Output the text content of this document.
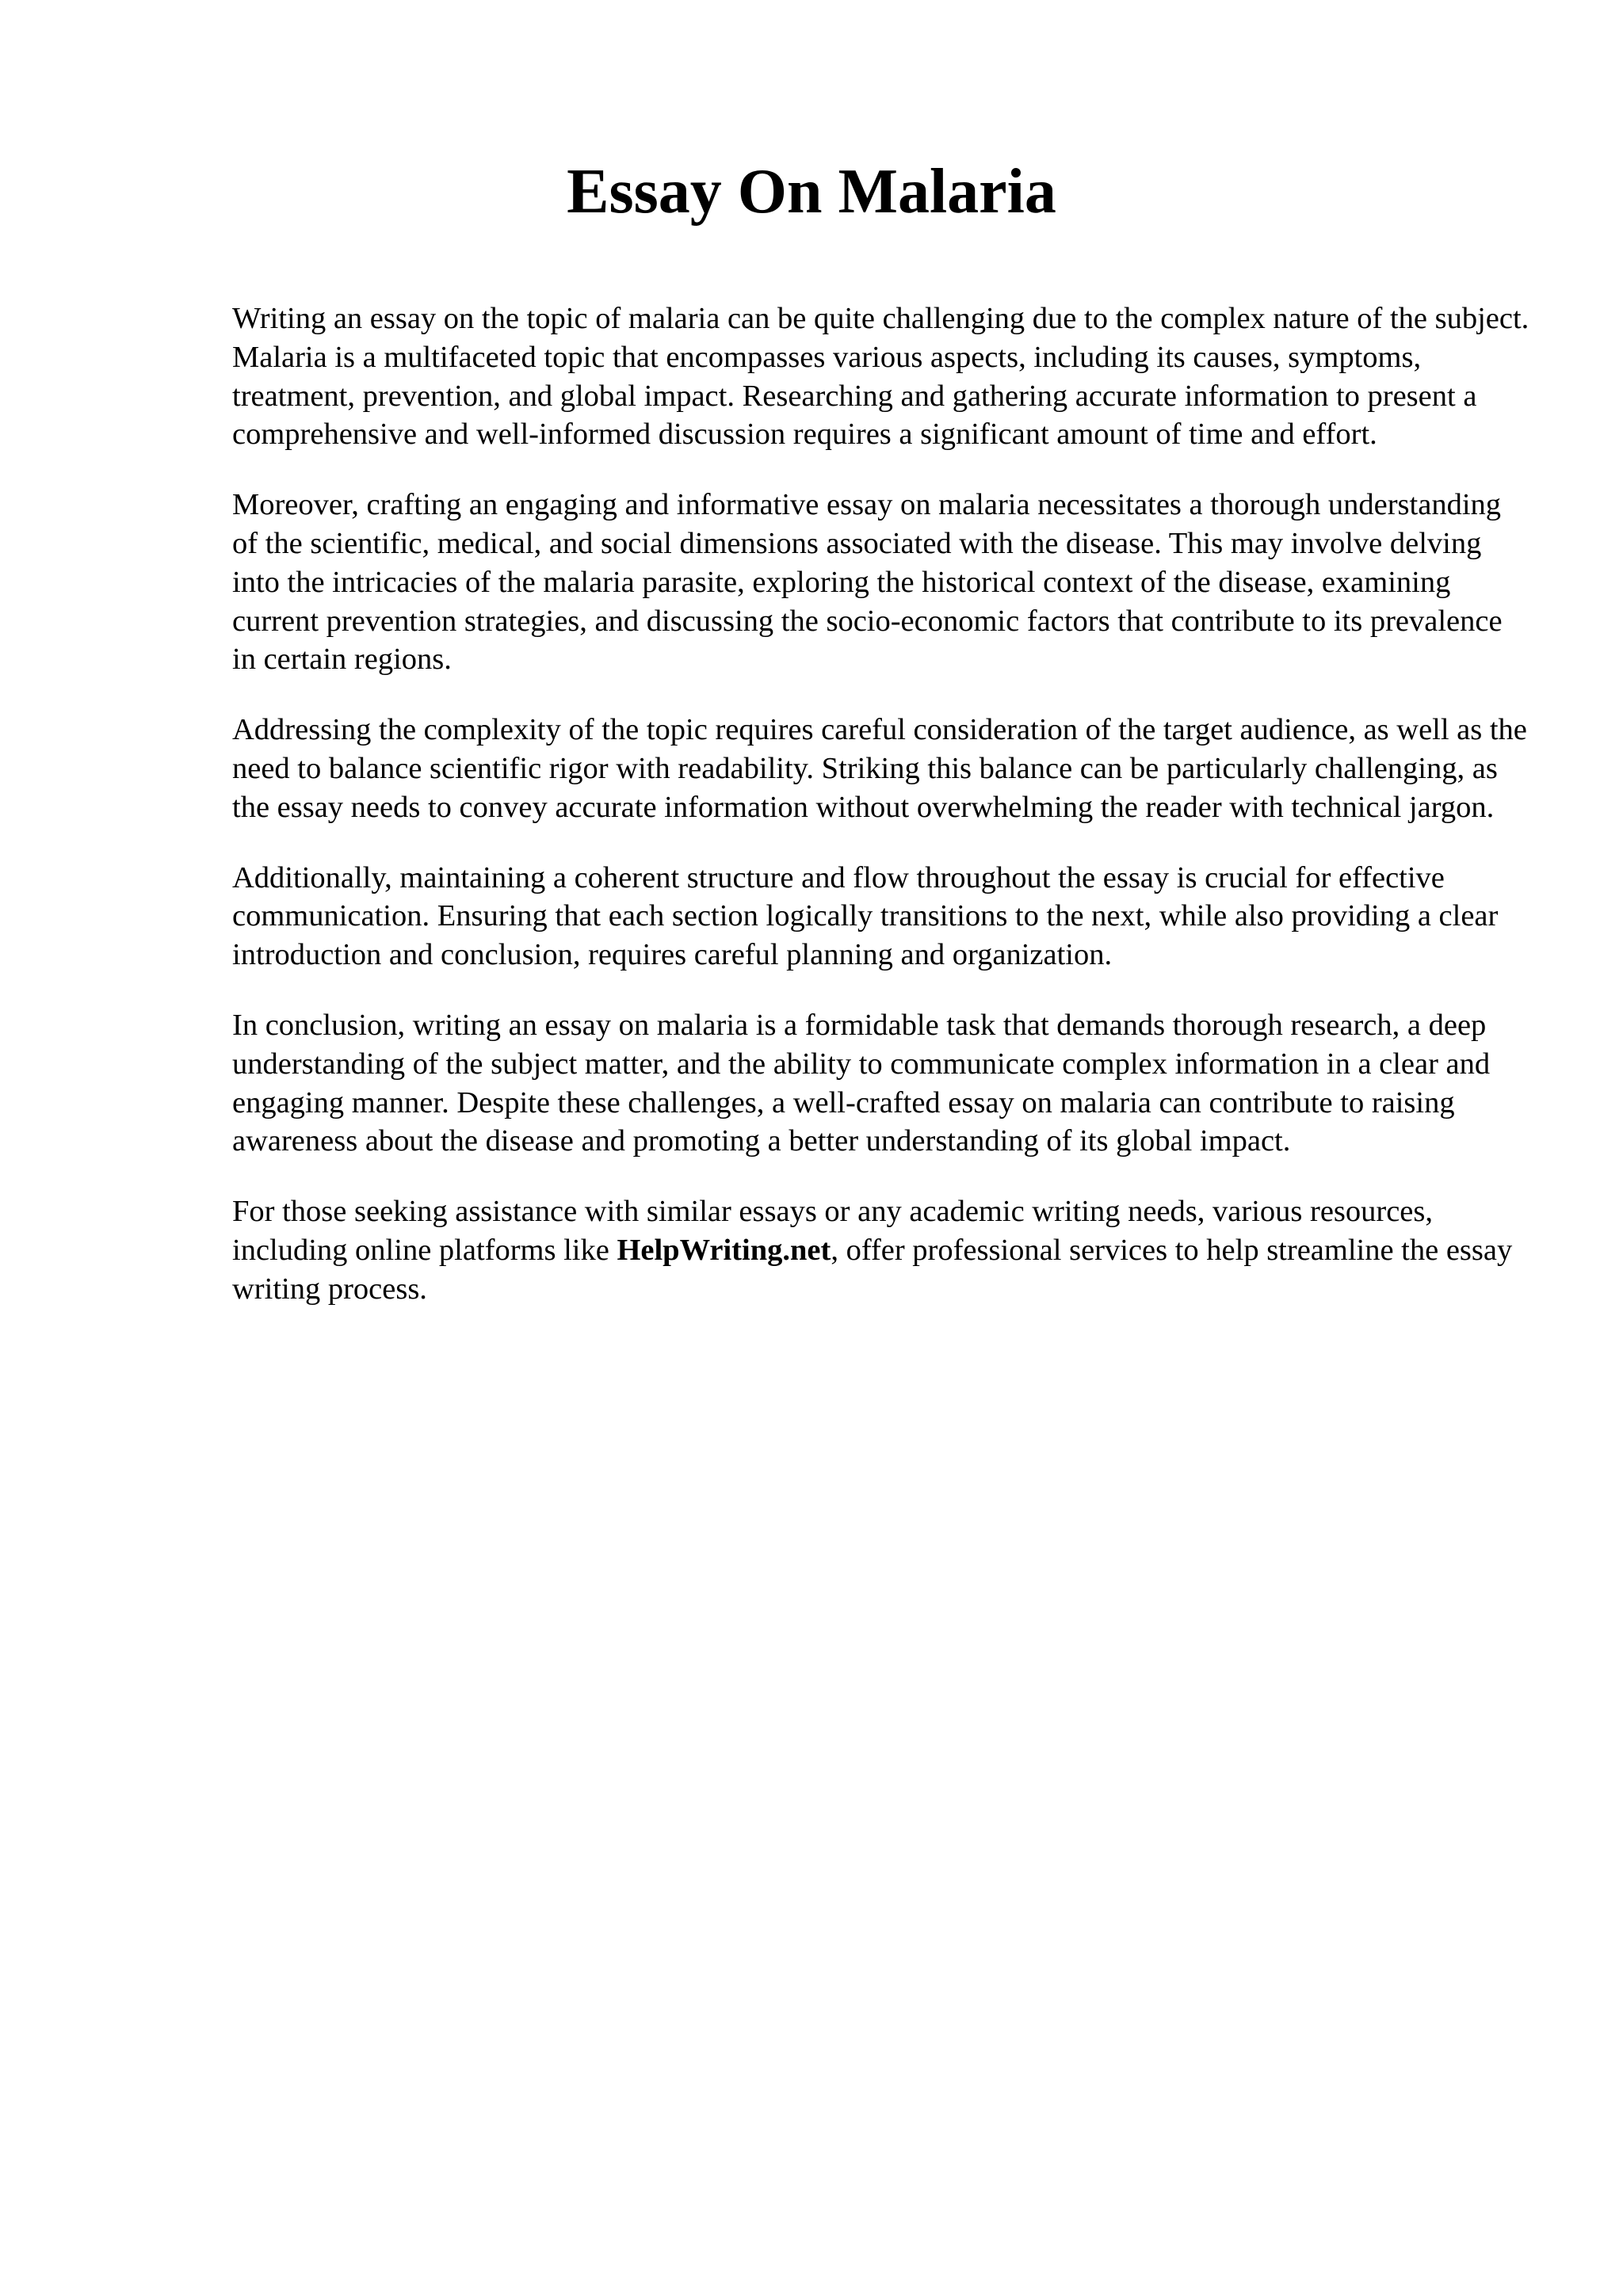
Essay On Malaria

Writing an essay on the topic of malaria can be quite challenging due to the complex nature of the subject. Malaria is a multifaceted topic that encompasses various aspects, including its causes, symptoms, treatment, prevention, and global impact. Researching and gathering accurate information to present a comprehensive and well-informed discussion requires a significant amount of time and effort.

Moreover, crafting an engaging and informative essay on malaria necessitates a thorough understanding of the scientific, medical, and social dimensions associated with the disease. This may involve delving into the intricacies of the malaria parasite, exploring the historical context of the disease, examining current prevention strategies, and discussing the socio-economic factors that contribute to its prevalence in certain regions.

Addressing the complexity of the topic requires careful consideration of the target audience, as well as the need to balance scientific rigor with readability. Striking this balance can be particularly challenging, as the essay needs to convey accurate information without overwhelming the reader with technical jargon.

Additionally, maintaining a coherent structure and flow throughout the essay is crucial for effective communication. Ensuring that each section logically transitions to the next, while also providing a clear introduction and conclusion, requires careful planning and organization.

In conclusion, writing an essay on malaria is a formidable task that demands thorough research, a deep understanding of the subject matter, and the ability to communicate complex information in a clear and engaging manner. Despite these challenges, a well-crafted essay on malaria can contribute to raising awareness about the disease and promoting a better understanding of its global impact.

For those seeking assistance with similar essays or any academic writing needs, various resources, including online platforms like HelpWriting.net, offer professional services to help streamline the essay writing process.
